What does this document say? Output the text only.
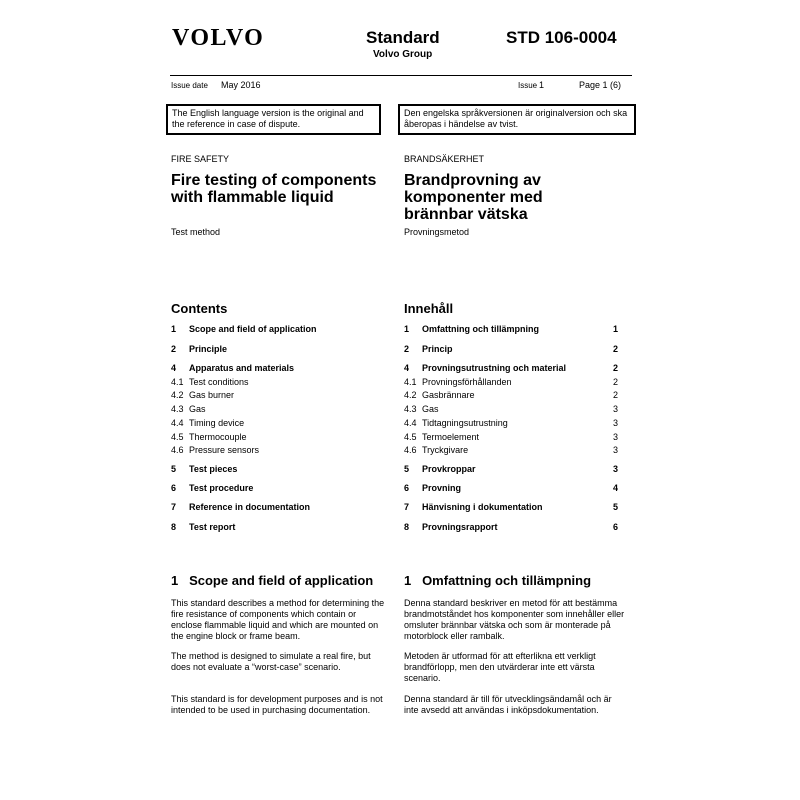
VOLVO	Standard
Volvo Group
STD 106-0004
Issue date May 2016	Issue 1	Page 1 (6)
The English language version is the original and the reference in case of dispute.
Den engelska språkversionen är originalversion och ska åberopas i händelse av tvist.
FIRE SAFETY	BRANDSÄKERHET
Fire testing of components with flammable liquid
Brandprovning av komponenter med brännbar vätska
Test method	Provningsmetod
Contents	Innehåll
1 Scope and field of application
2 Principle
4 Apparatus and materials
4.1 Test conditions
4.2 Gas burner
4.3 Gas
4.4 Timing device
4.5 Thermocouple
4.6 Pressure sensors
5 Test pieces
6 Test procedure
7 Reference in documentation
8 Test report
1 Omfattning och tillämpning	1
2 Princip	2
4 Provningsutrustning och material	2
4.1 Provningsförhållanden	2
4.2 Gasbrännare	2
4.3 Gas	3
4.4 Tidtagningsutrustning	3
4.5 Termoelement	3
4.6 Tryckgivare	3
5 Provkroppar	3
6 Provning	4
7 Hänvisning i dokumentation	5
8 Provningsrapport	6
1   Scope and field of application 1   Omfattning och tillämpning
This standard describes a method for determining the fire resistance of components which contain or enclose flammable liquid and which are mounted on the engine block or frame beam.
The method is designed to simulate a real fire, but does not evaluate a “worst-case” scenario.
This standard is for development purposes and is not intended to be used in purchasing documentation.
Denna standard beskriver en metod för att bestämma brandmotståndet hos komponenter som innehåller eller omsluter brännbar vätska och som är monterade på motorblock eller rambalk.
Metoden är utformad för att efterlikna ett verkligt brandförlopp, men den utvärderar inte ett värsta scenario.
Denna standard är till för utvecklingsändamål och är inte avsedd att användas i inköpsdokumentation.
